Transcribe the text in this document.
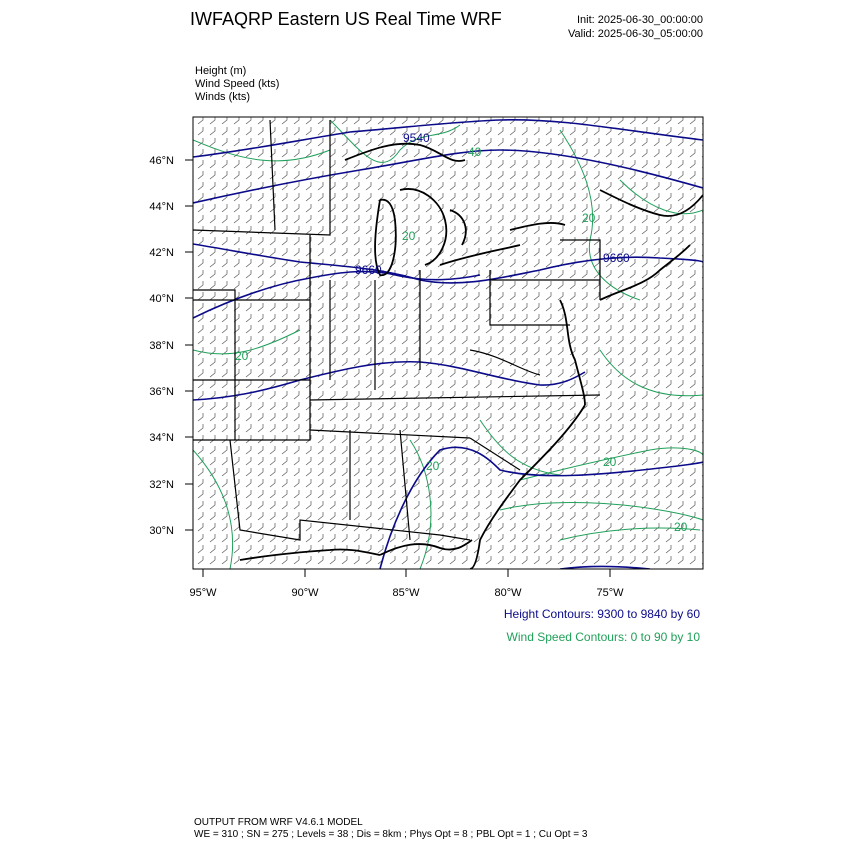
IWFAQRP Eastern US Real Time WRF	Init: 2025-06-30_00:00:00
Valid: 2025-06-30_05:00:00
Height (m)
Wind Speed (kts)
Winds (kts)
9540
9660
9660
40
20
20
20
20	20
20
46°N
44°N
42°N
40°N
38°N
36°N
34°N
32°N
30°N
95°W	90°W	85°W	80°W	75°W
Height Contours: 9300 to 9840 by 60
Wind Speed Contours: 0 to 90 by 10
OUTPUT FROM WRF V4.6.1 MODEL
WE = 310 ; SN = 275 ; Levels = 38 ; Dis = 8km ; Phys Opt = 8 ; PBL Opt = 1 ; Cu Opt = 3
